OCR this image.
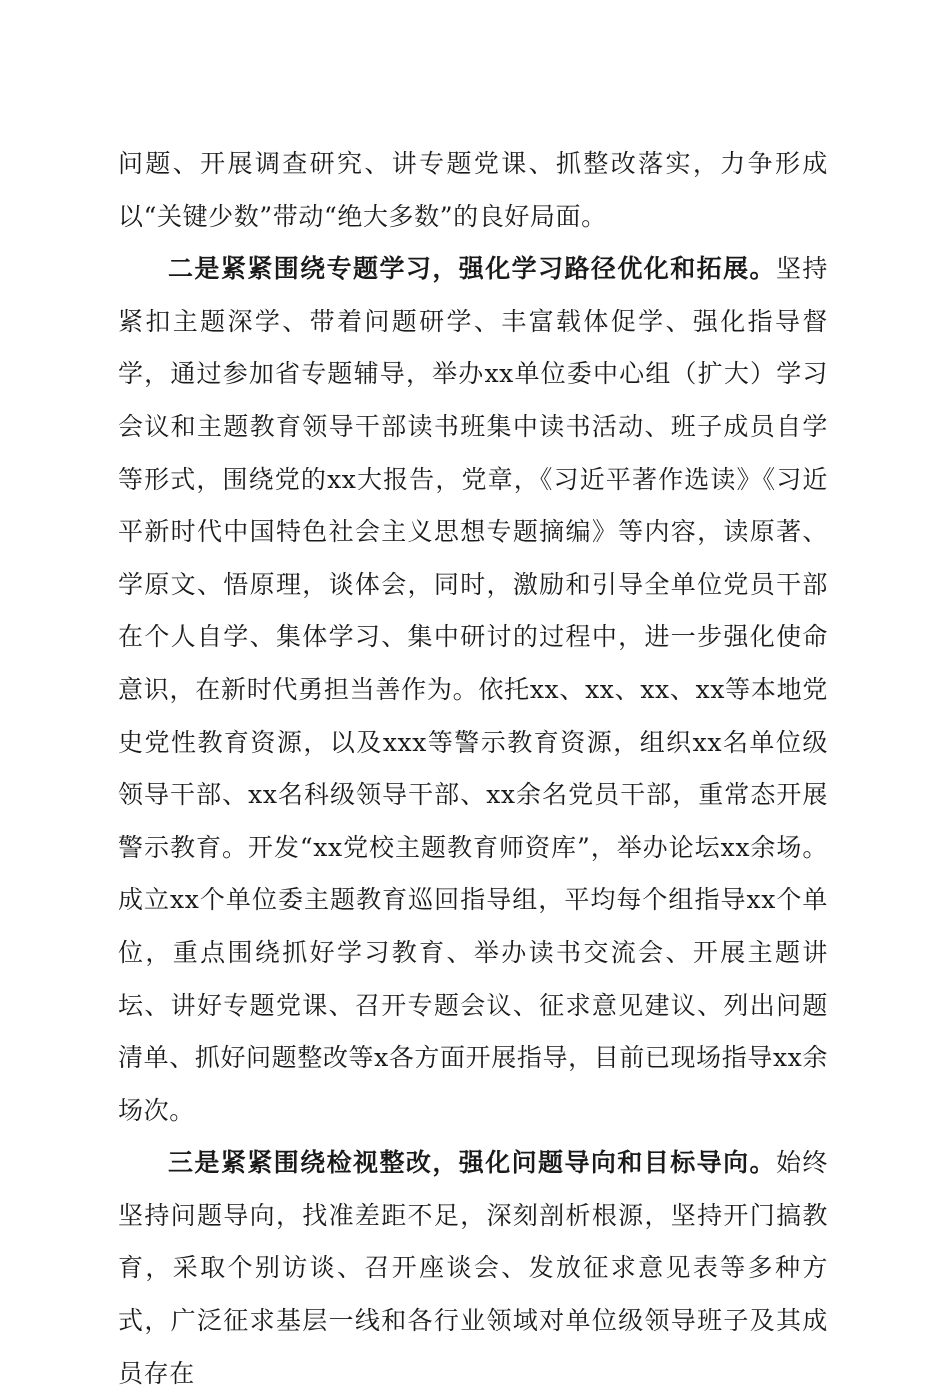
问题、开展调查研究、讲专题党课、抓整改落实，力争形成以“关键少数”带动“绝大多数”的良好局面。

二是紧紧围绕专题学习，强化学习路径优化和拓展。坚持紧扣主题深学、带着问题研学、丰富载体促学、强化指导督学，通过参加省专题辅导，举办xx单位委中心组（扩大）学习会议和主题教育领导干部读书班集中读书活动、班子成员自学等形式，围绕党的xx大报告，党章，《习近平著作选读》《习近平新时代中国特色社会主义思想专题摘编》等内容，读原著、学原文、悟原理，谈体会，同时，激励和引导全单位党员干部在个人自学、集体学习、集中研讨的过程中，进一步强化使命意识，在新时代勇担当善作为。依托xx、xx、xx、xx等本地党史党性教育资源，以及xxx等警示教育资源，组织xx名单位级领导干部、xx名科级领导干部、xx余名党员干部，重常态开展警示教育。开发“xx党校主题教育师资库”，举办论坛xx余场。成立xx个单位委主题教育巡回指导组，平均每个组指导xx个单位，重点围绕抓好学习教育、举办读书交流会、开展主题讲坛、讲好专题党课、召开专题会议、征求意见建议、列出问题清单、抓好问题整改等x各方面开展指导，目前已现场指导xx余场次。

三是紧紧围绕检视整改，强化问题导向和目标导向。始终坚持问题导向，找准差距不足，深刻剖析根源，坚持开门搞教育，采取个别访谈、召开座谈会、发放征求意见表等多种方式，广泛征求基层一线和各行业领域对单位级领导班子及其成员存在
